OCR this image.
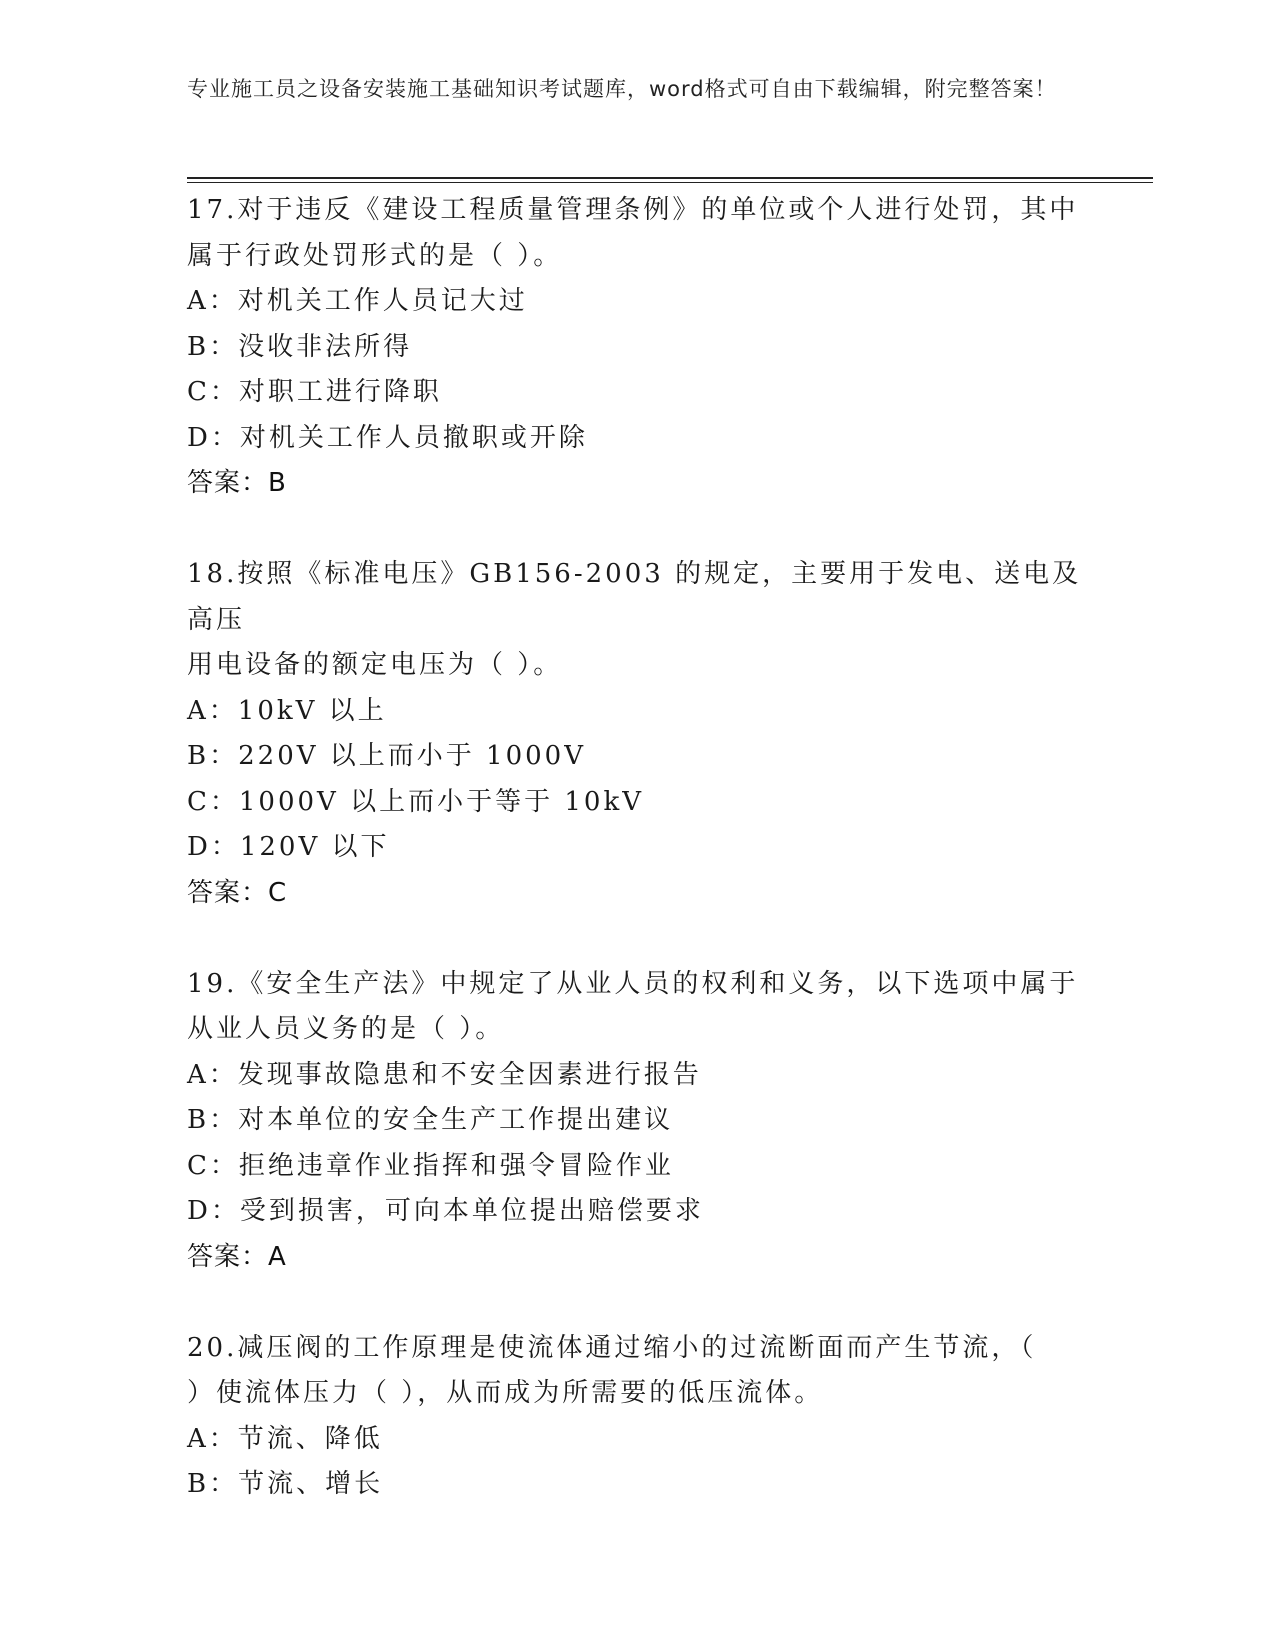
专业施工员之设备安装施工基础知识考试题库，word格式可自由下载编辑，附完整答案！

17.对于违反《建设工程质量管理条例》的单位或个人进行处罚，其中

属于行政处罚形式的是（ ）。

A：对机关工作人员记大过

B：没收非法所得

C：对职工进行降职

D：对机关工作人员撤职或开除

答案：B

18.按照《标准电压》GB156-2003 的规定，主要用于发电、送电及高压

用电设备的额定电压为（ ）。

A：10kV 以上

B：220V 以上而小于 1000V

C：1000V 以上而小于等于 10kV

D：120V 以下

答案：C

19.《安全生产法》中规定了从业人员的权利和义务，以下选项中属于

从业人员义务的是（ ）。

A：发现事故隐患和不安全因素进行报告

B：对本单位的安全生产工作提出建议

C：拒绝违章作业指挥和强令冒险作业

D：受到损害，可向本单位提出赔偿要求

答案：A

20.减压阀的工作原理是使流体通过缩小的过流断面而产生节流，（

）使流体压力（ ），从而成为所需要的低压流体。

A：节流、降低

B：节流、增长
